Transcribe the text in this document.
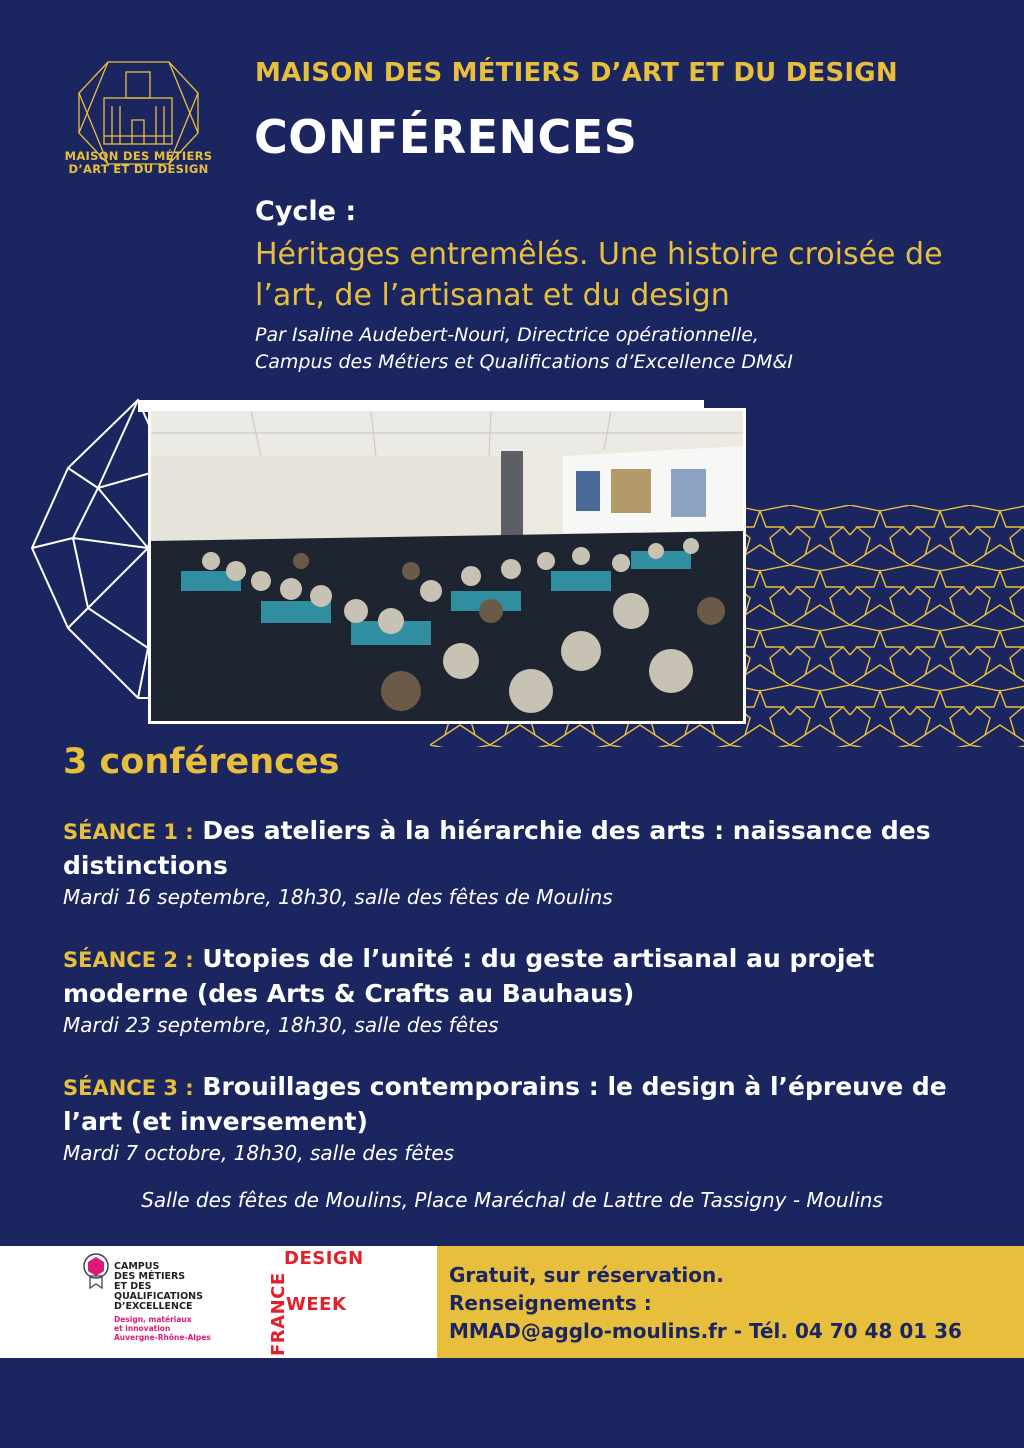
MAISON DES MÉTIERS
D’ART ET DU DESIGN
MAISON DES MÉTIERS D’ART ET DU DESIGN
CONFÉRENCES
Cycle :
Héritages entremêlés. Une histoire croisée de l’art, de l’artisanat et du design
Par Isaline Audebert-Nouri, Directrice opérationnelle,
Campus des Métiers et Qualifications d’Excellence DM&I
3 conférences
SÉANCE 1 : Des ateliers à la hiérarchie des arts : naissance des distinctions
Mardi 16 septembre, 18h30, salle des fêtes de Moulins
SÉANCE 2 : Utopies de l’unité : du geste artisanal au projet moderne (des Arts & Crafts au Bauhaus)
Mardi 23 septembre, 18h30, salle des fêtes
SÉANCE 3 : Brouillages contemporains : le design à l’épreuve de l’art (et inversement)
Mardi 7 octobre, 18h30, salle des fêtes
Salle des fêtes de Moulins, Place Maréchal de Lattre de Tassigny - Moulins
CAMPUS
DES MÉTIERS
ET DES
QUALIFICATIONS
D’EXCELLENCE
Design, matériaux
et innovation
Auvergne-Rhône-Alpes
DESIGN
WEEK
FRANCE	Gratuit, sur réservation.
Renseignements :
MMAD@agglo-moulins.fr - Tél. 04 70 48 01 36
